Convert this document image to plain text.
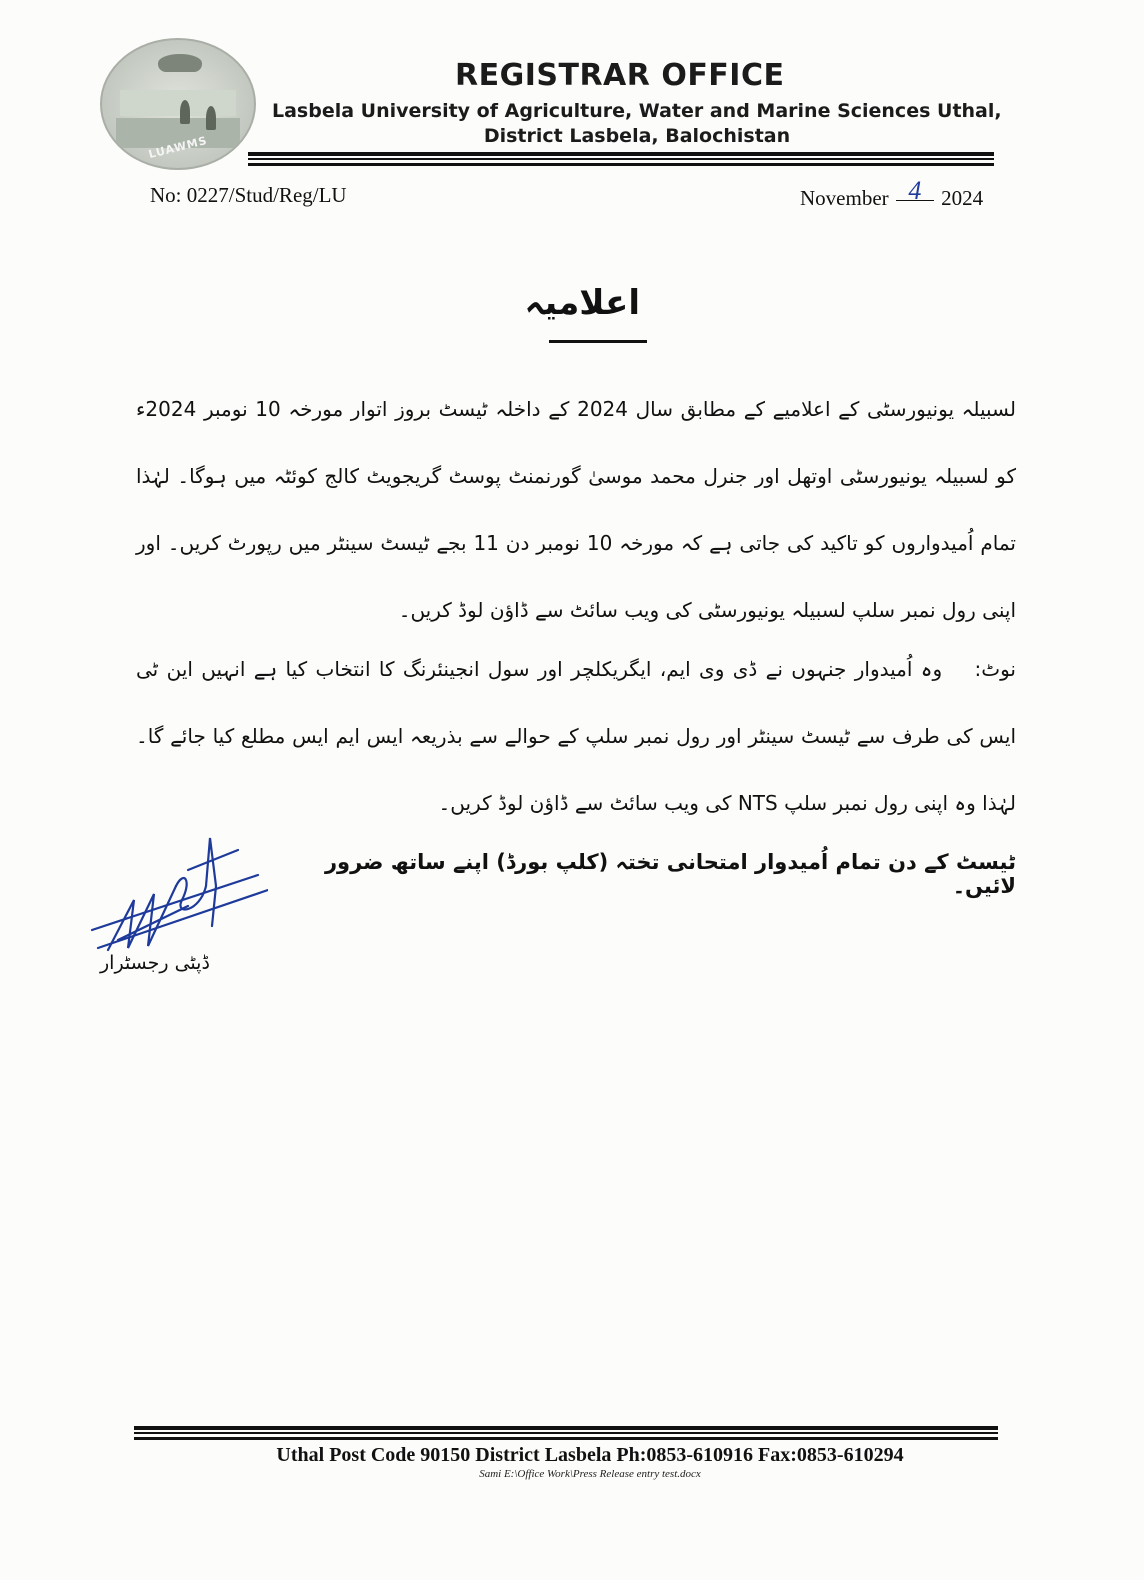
LUAWMS
REGISTRAR OFFICE
Lasbela University of Agriculture, Water and Marine Sciences Uthal,
District Lasbela, Balochistan
No: 0227/Stud/Reg/LU	November 4 2024
اعلامیہ
لسبیلہ یونیورسٹی کے اعلامیے کے مطابق سال 2024 کے داخلہ ٹیسٹ بروز اتوار مورخہ 10 نومبر 2024ء کو لسبیلہ یونیورسٹی اوتھل اور جنرل محمد موسیٰ گورنمنٹ پوسٹ گریجویٹ کالج کوئٹہ میں ہوگا۔ لہٰذا تمام اُمیدواروں کو تاکید کی جاتی ہے کہ مورخہ 10 نومبر دن 11 بجے ٹیسٹ سینٹر میں رپورٹ کریں۔ اور اپنی رول نمبر سلپ لسبیلہ یونیورسٹی کی ویب سائٹ سے ڈاؤن لوڈ کریں۔
نوٹ: وہ اُمیدوار جنہوں نے ڈی وی ایم، ایگریکلچر اور سول انجینئرنگ کا انتخاب کیا ہے انہیں این ٹی ایس کی طرف سے ٹیسٹ سینٹر اور رول نمبر سلپ کے حوالے سے بذریعہ ایس ایم ایس مطلع کیا جائے گا۔ لہٰذا وہ اپنی رول نمبر سلپ NTS کی ویب سائٹ سے ڈاؤن لوڈ کریں۔
ٹیسٹ کے دن تمام اُمیدوار امتحانی تختہ (کلپ بورڈ) اپنے ساتھ ضرور لائیں۔
ڈپٹی رجسٹرار
Uthal Post Code 90150 District Lasbela Ph:0853-610916 Fax:0853-610294
Sami E:\Office Work\Press Release entry test.docx
